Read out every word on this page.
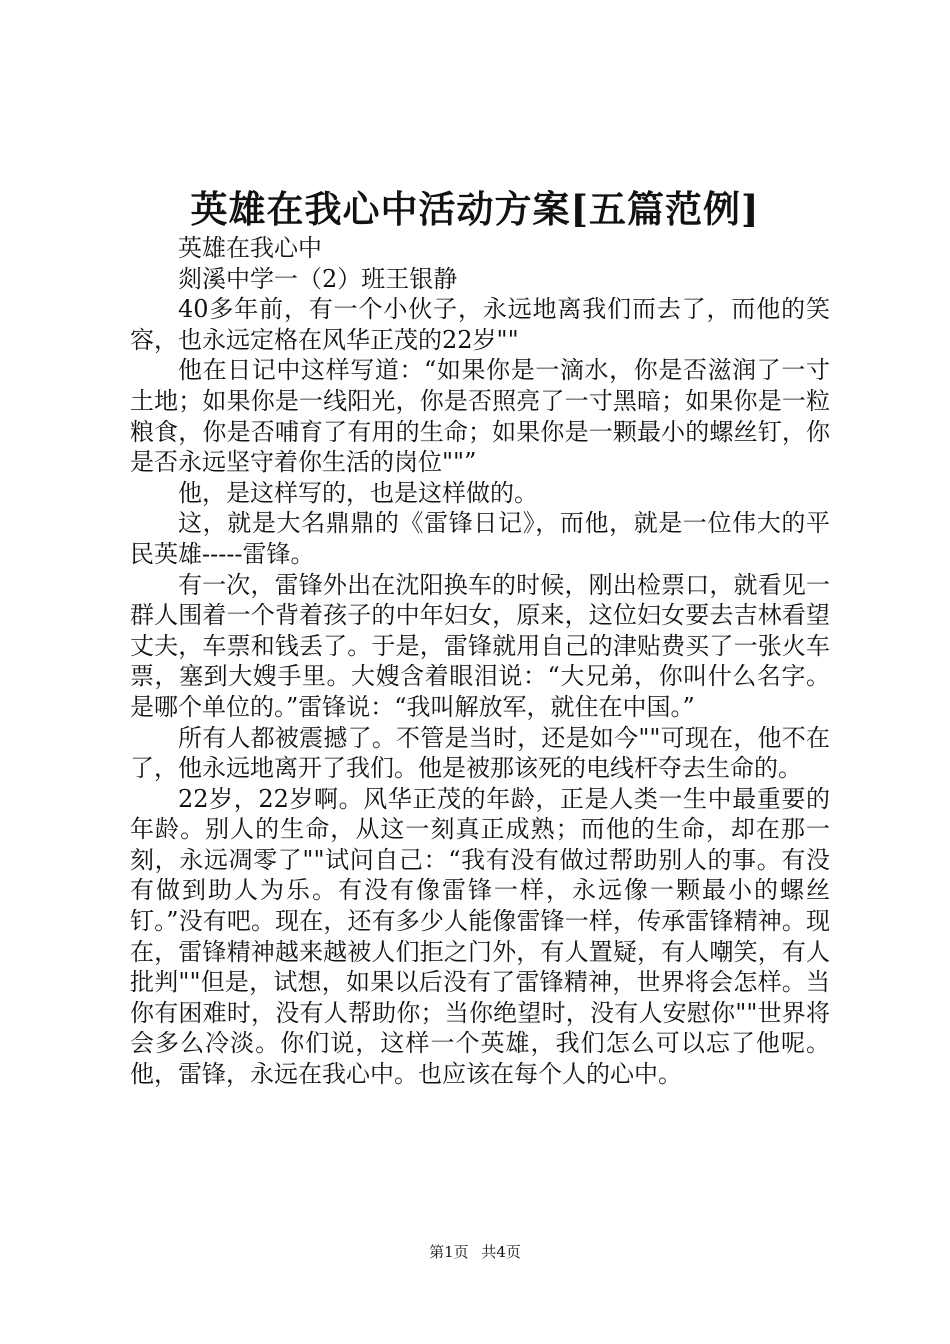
英雄在我心中活动方案[五篇范例]

英雄在我心中

剡溪中学一（2）班王银静

40多年前，有一个小伙子，永远地离我们而去了，而他的笑容，也永远定格在风华正茂的22岁""

他在日记中这样写道：“如果你是一滴水，你是否滋润了一寸土地；如果你是一线阳光，你是否照亮了一寸黑暗；如果你是一粒粮食，你是否哺育了有用的生命；如果你是一颗最小的螺丝钉，你是否永远坚守着你生活的岗位""”

他，是这样写的，也是这样做的。

这，就是大名鼎鼎的《雷锋日记》，而他，就是一位伟大的平民英雄-----雷锋。

有一次，雷锋外出在沈阳换车的时候，刚出检票口，就看见一群人围着一个背着孩子的中年妇女，原来，这位妇女要去吉林看望丈夫，车票和钱丢了。于是，雷锋就用自己的津贴费买了一张火车票，塞到大嫂手里。大嫂含着眼泪说：“大兄弟，你叫什么名字。是哪个单位的。”雷锋说：“我叫解放军，就住在中国。”

所有人都被震撼了。不管是当时，还是如今""可现在，他不在了，他永远地离开了我们。他是被那该死的电线杆夺去生命的。

22岁，22岁啊。风华正茂的年龄，正是人类一生中最重要的年龄。别人的生命，从这一刻真正成熟；而他的生命，却在那一刻，永远凋零了""试问自己：“我有没有做过帮助别人的事。有没有做到助人为乐。有没有像雷锋一样，永远像一颗最小的螺丝钉。”没有吧。现在，还有多少人能像雷锋一样，传承雷锋精神。现在，雷锋精神越来越被人们拒之门外，有人置疑，有人嘲笑，有人批判""但是，试想，如果以后没有了雷锋精神，世界将会怎样。当你有困难时，没有人帮助你；当你绝望时，没有人安慰你""世界将会多么冷淡。你们说，这样一个英雄，我们怎么可以忘了他呢。他，雷锋，永远在我心中。也应该在每个人的心中。

第1页 共4页
